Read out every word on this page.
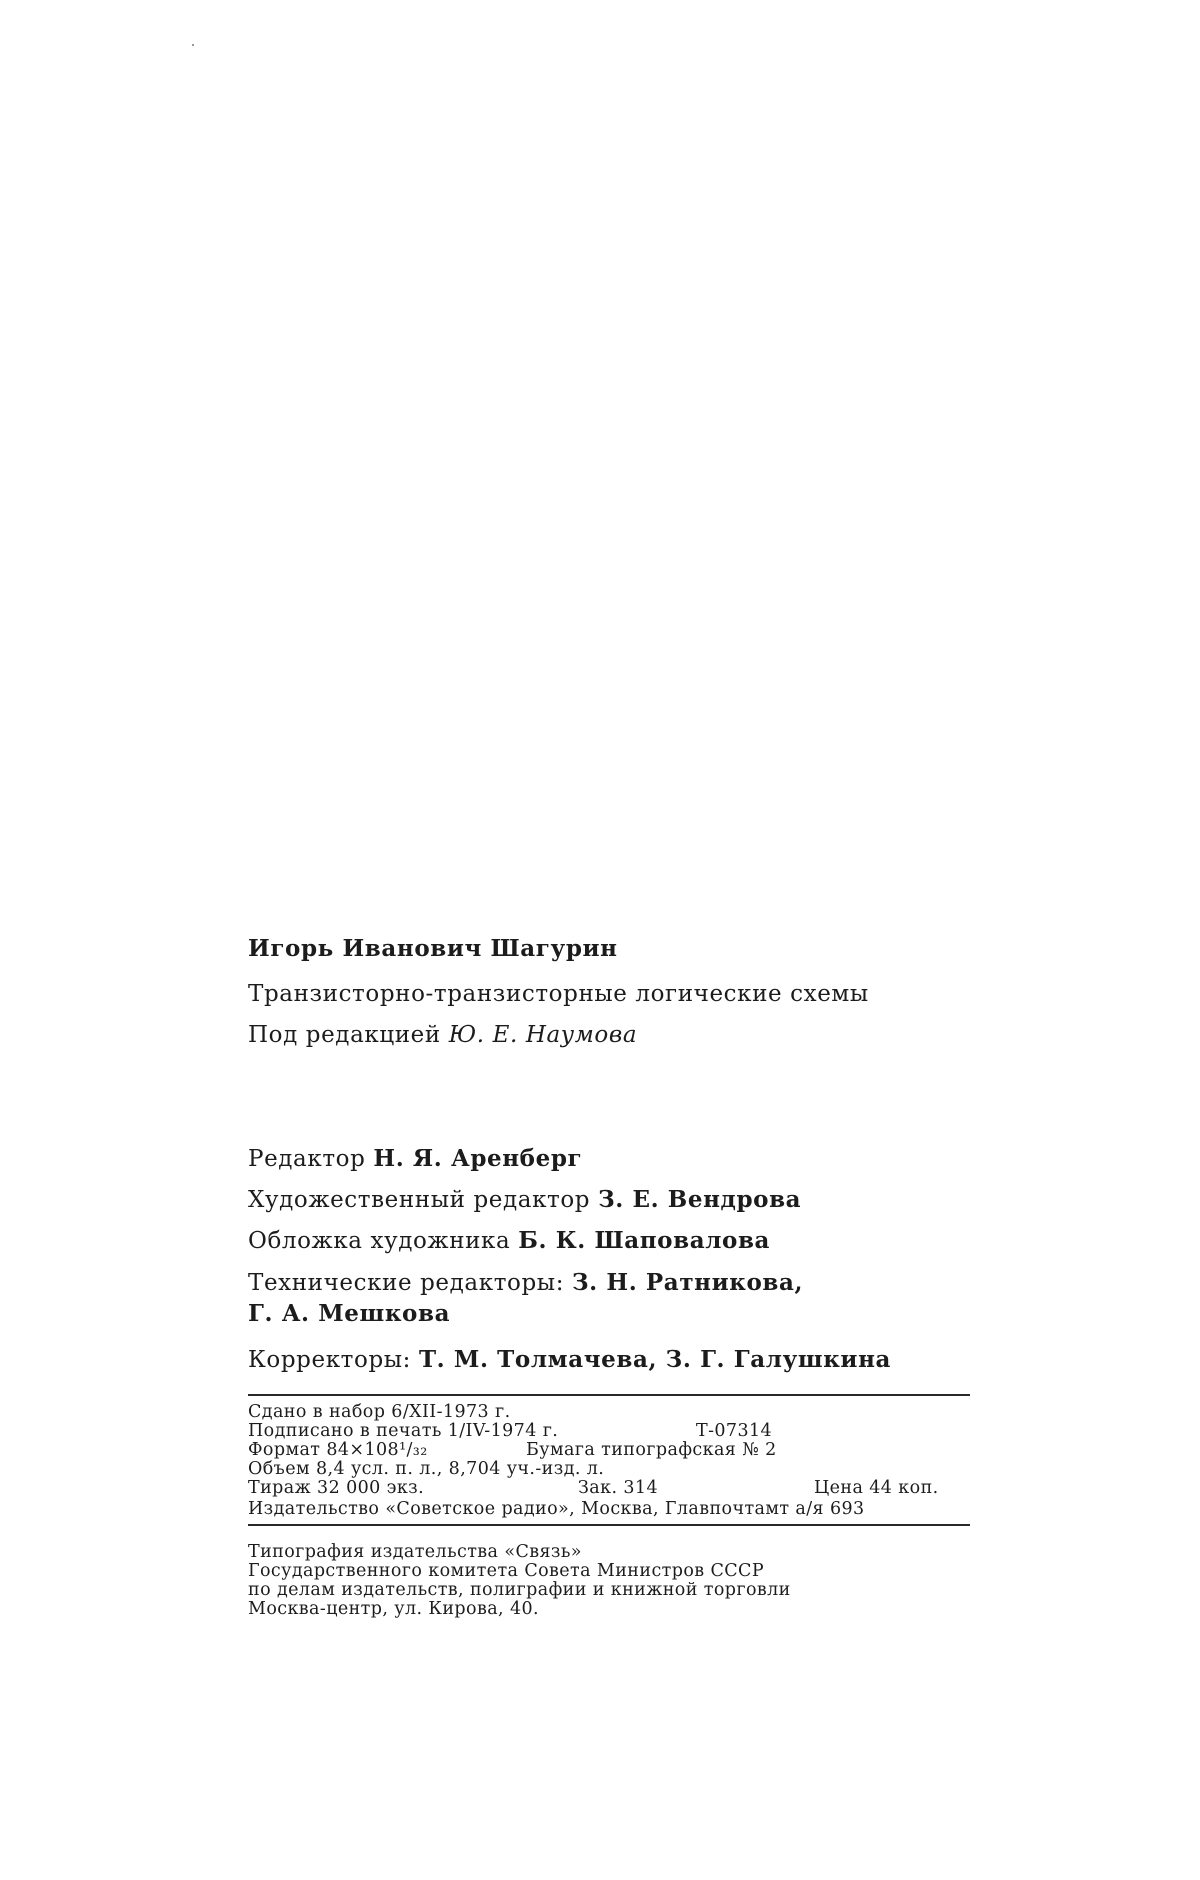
Игорь Иванович Шагурин
Транзисторно-транзисторные логические схемы
Под редакцией Ю. Е. Наумова
Редактор Н. Я. Аренберг
Художественный редактор З. Е. Вендрова
Обложка художника Б. К. Шаповалова
Технические редакторы: З. Н. Ратникова,
Г. А. Мешкова
Корректоры: Т. М. Толмачева, З. Г. Галушкина
Сдано в набор 6/XII-1973 г.
Подписано в печать 1/IV-1974 г.	Т-07314
Формат 84×108¹/₃₂	Бумага типографская № 2
Объем 8,4 усл. п. л., 8,704 уч.-изд. л.
Тираж 32 000 экз.	Зак. 314	Цена 44 коп.
Издательство «Советское радио», Москва, Главпочтамт а/я 693
Типография издательства «Связь»
Государственного комитета Совета Министров СССР
по делам издательств, полиграфии и книжной торговли
Москва-центр, ул. Кирова, 40.
